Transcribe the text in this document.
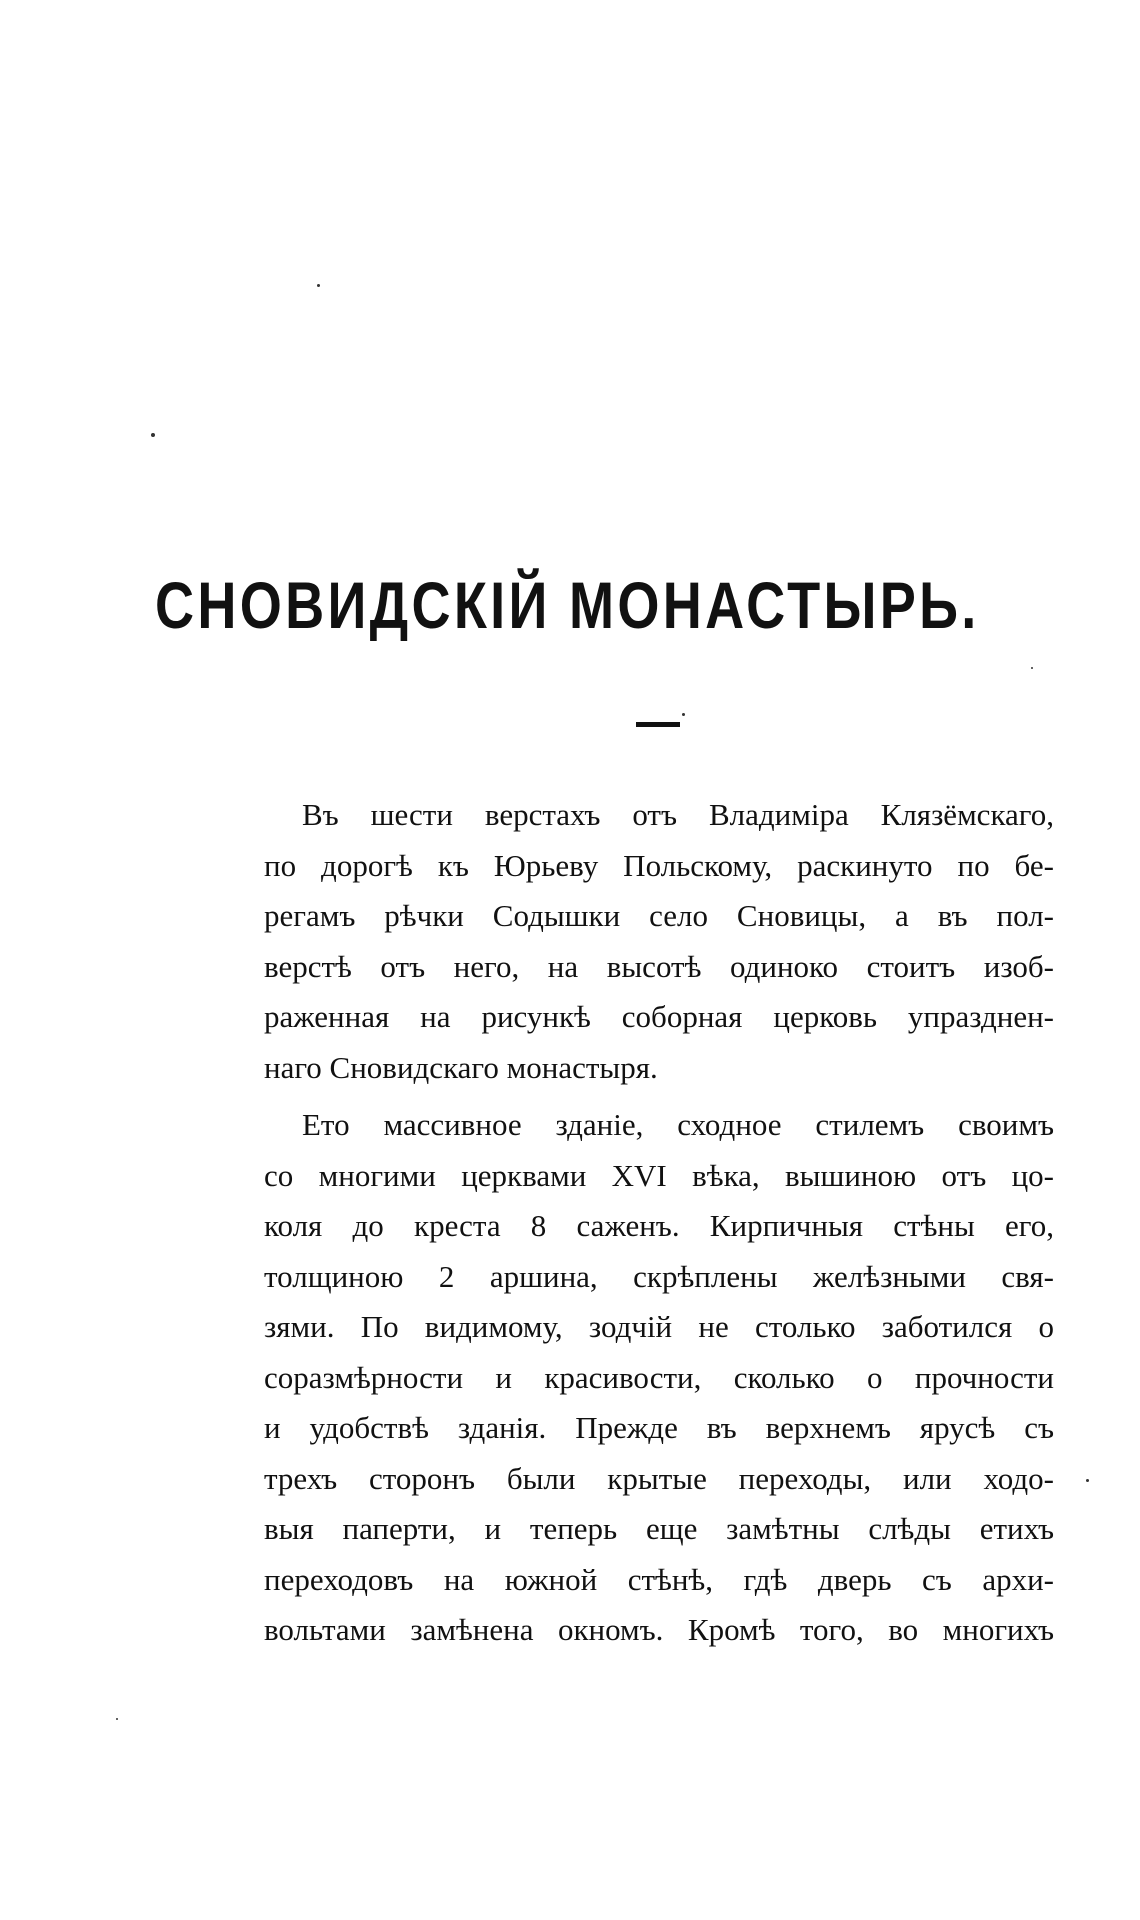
СНОВИДСКІЙ МОНАСТЫРЬ.
Въ шести верстахъ отъ Владиміра Клязёмскаго,
по дорогѣ къ Юрьеву Польскому, раскинуто по бе-
регамъ рѣчки Содышки село Сновицы, а въ пол-
верстѣ отъ него, на высотѣ одиноко стоитъ изоб-
раженная на рисункѣ соборная церковь упразднен-
наго Сновидскаго монастыря.
Ето массивное зданіе, сходное стилемъ своимъ
со многими церквами XVI вѣка, вышиною отъ цо-
коля до креста 8 саженъ. Кирпичныя стѣны его,
толщиною 2 аршина, скрѣплены желѣзными свя-
зями. По видимому, зодчій не столько заботился о
соразмѣрности и красивости, сколько о прочности
и удобствѣ зданія. Прежде въ верхнемъ ярусѣ съ
трехъ сторонъ были крытые переходы, или ходо-
выя паперти, и теперь еще замѣтны слѣды етихъ
переходовъ на южной стѣнѣ, гдѣ дверь съ архи-
вольтами замѣнена окномъ. Кромѣ того, во многихъ
